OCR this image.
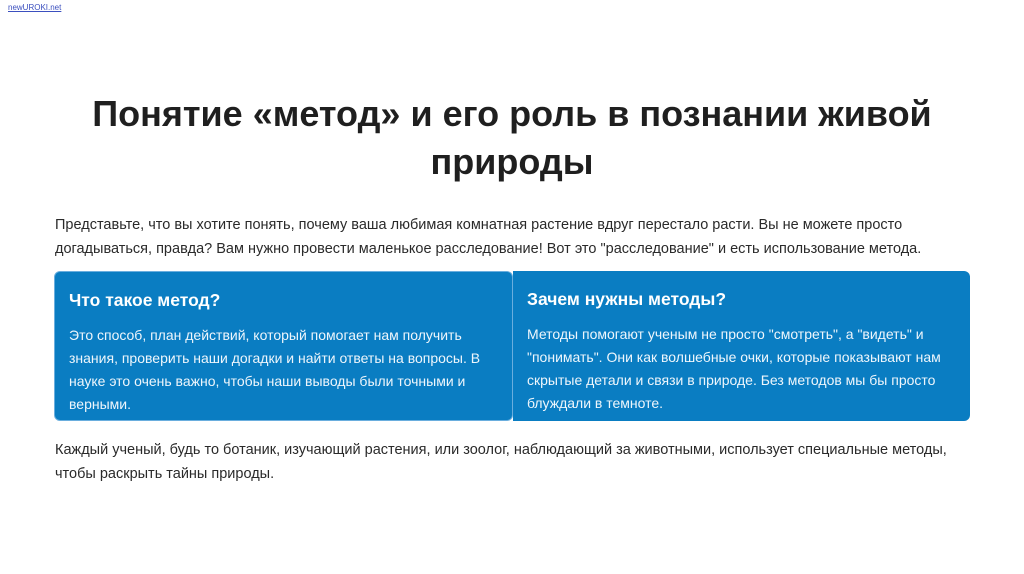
newUROKI.net
Понятие «метод» и его роль в познании живой природы

Представьте, что вы хотите понять, почему ваша любимая комнатная растение вдруг перестало расти. Вы не можете просто догадываться, правда? Вам нужно провести маленькое расследование! Вот это "расследование" и есть использование метода.

Что такое метод?

Это способ, план действий, который помогает нам получить знания, проверить наши догадки и найти ответы на вопросы. В науке это очень важно, чтобы наши выводы были точными и верными.

Зачем нужны методы?

Методы помогают ученым не просто "смотреть", а "видеть" и "понимать". Они как волшебные очки, которые показывают нам скрытые детали и связи в природе. Без методов мы бы просто блуждали в темноте.

Каждый ученый, будь то ботаник, изучающий растения, или зоолог, наблюдающий за животными, использует специальные методы, чтобы раскрыть тайны природы.
